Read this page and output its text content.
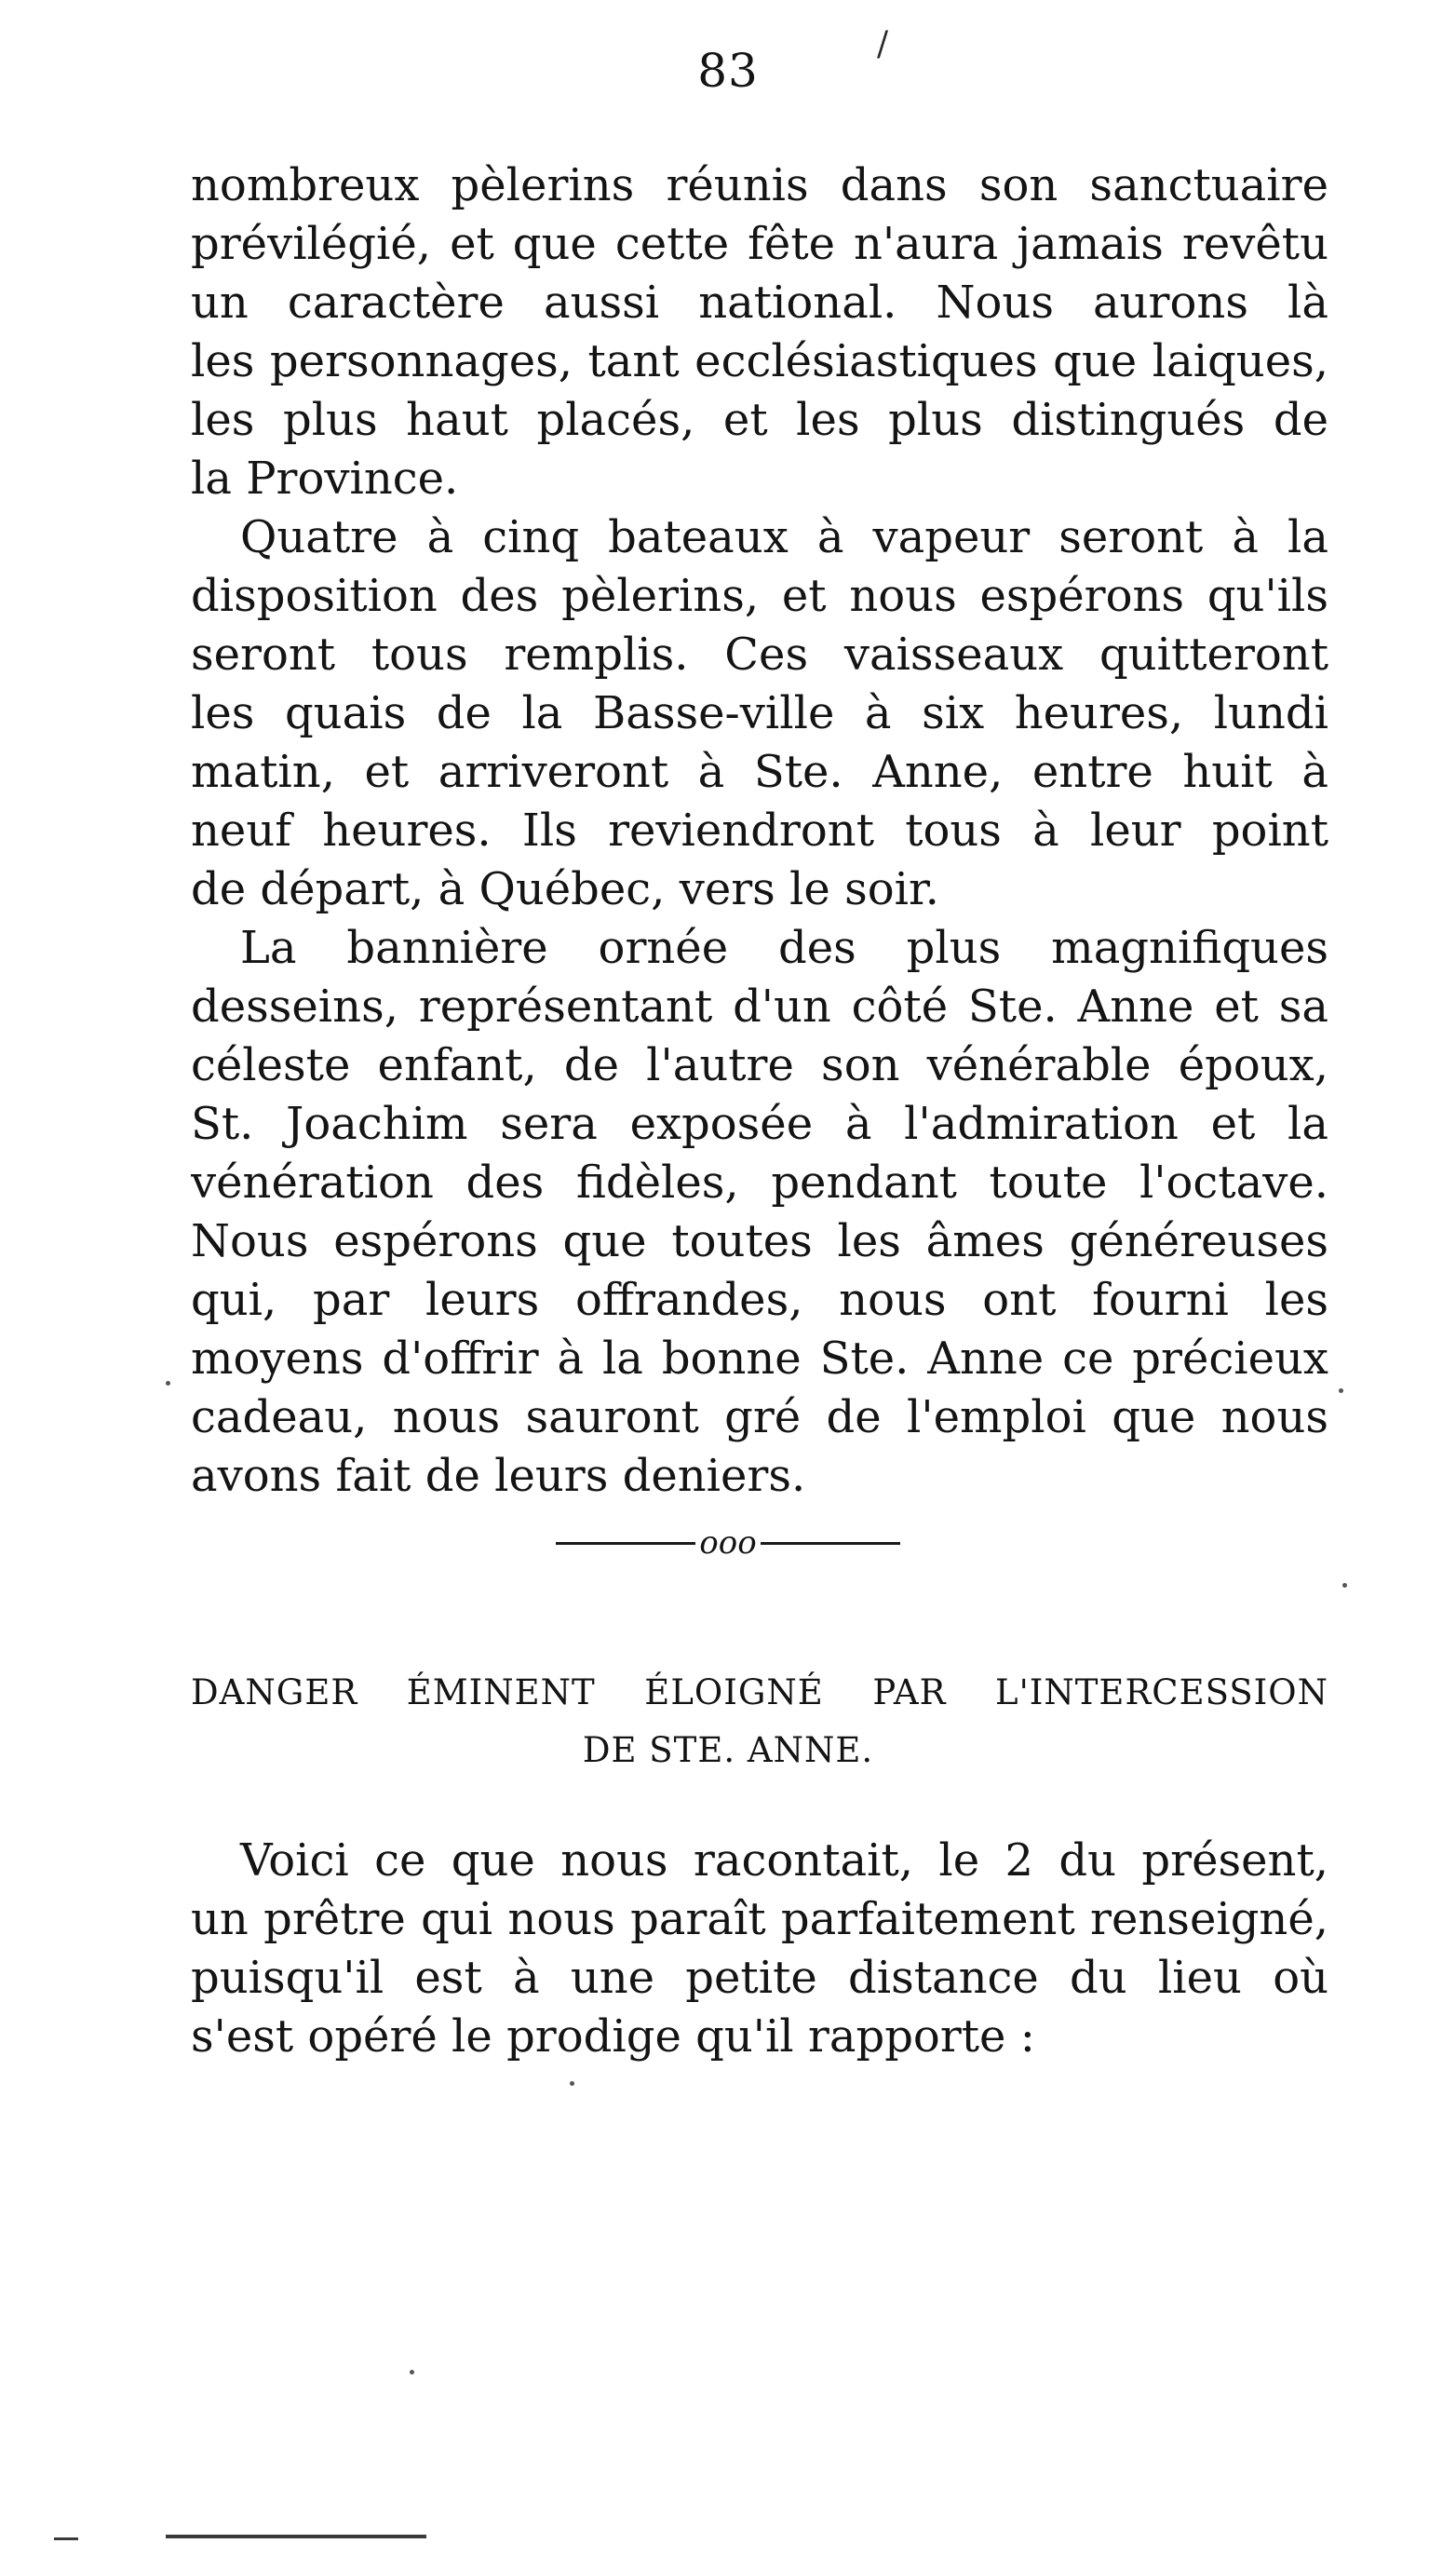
83	/
nombreux pèlerins réunis dans son sanctuaire
prévilégié, et que cette fête n'aura jamais revêtu
un caractère aussi national. Nous aurons là
les personnages, tant ecclésiastiques que laiques,
les plus haut placés, et les plus distingués de
la Province.
Quatre à cinq bateaux à vapeur seront à la
disposition des pèlerins, et nous espérons qu'ils
seront tous remplis. Ces vaisseaux quitteront
les quais de la Basse-ville à six heures, lundi
matin, et arriveront à Ste. Anne, entre huit à
neuf heures. Ils reviendront tous à leur point
de départ, à Québec, vers le soir.
La bannière ornée des plus magnifiques
desseins, représentant d'un côté Ste. Anne et sa
céleste enfant, de l'autre son vénérable époux,
St. Joachim sera exposée à l'admiration et la
vénération des fidèles, pendant toute l'octave.
Nous espérons que toutes les âmes généreuses
qui, par leurs offrandes, nous ont fourni les
moyens d'offrir à la bonne Ste. Anne ce précieux
cadeau, nous sauront gré de l'emploi que nous
avons fait de leurs deniers.
ooo
DANGER ÉMINENT ÉLOIGNÉ PAR L'INTERCESSION
DE STE. ANNE.
Voici ce que nous racontait, le 2 du présent,
un prêtre qui nous paraît parfaitement renseigné,
puisqu'il est à une petite distance du lieu où
s'est opéré le prodige qu'il rapporte :
